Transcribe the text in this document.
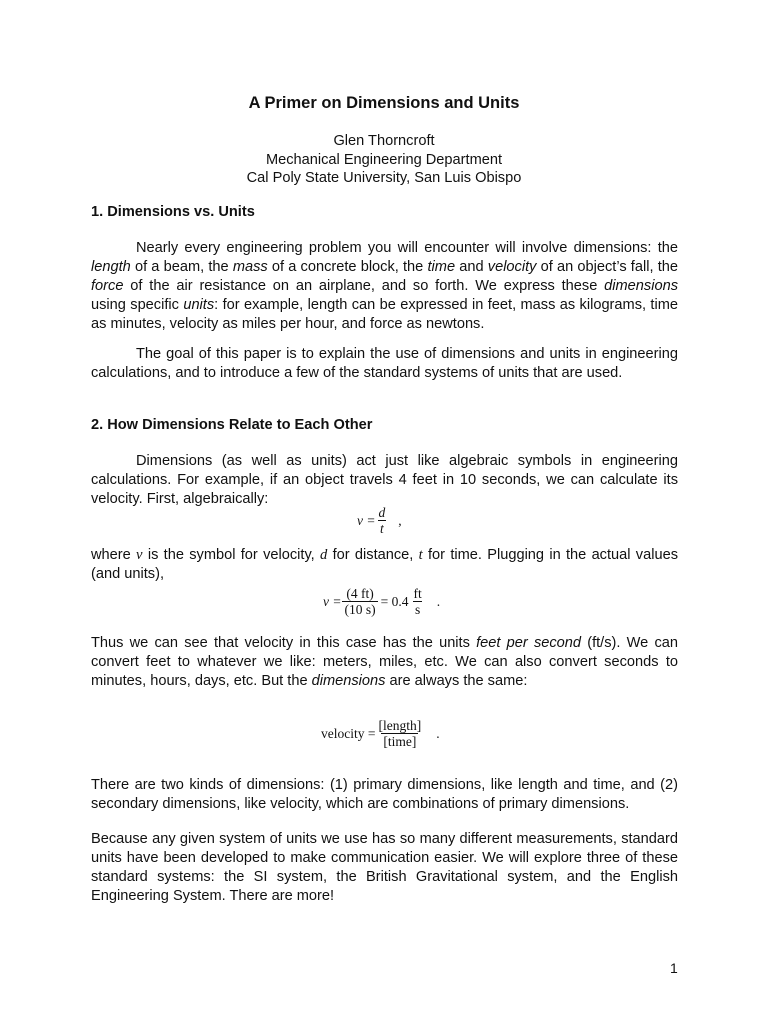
A Primer on Dimensions and Units
Glen Thorncroft
Mechanical Engineering Department
Cal Poly State University, San Luis Obispo
1. Dimensions vs. Units
Nearly every engineering problem you will encounter will involve dimensions: the length of a beam, the mass of a concrete block, the time and velocity of an object’s fall, the force of the air resistance on an airplane, and so forth. We express these dimensions using specific units: for example, length can be expressed in feet, mass as kilograms, time as minutes, velocity as miles per hour, and force as newtons.
The goal of this paper is to explain the use of dimensions and units in engineering calculations, and to introduce a few of the standard systems of units that are used.
2. How Dimensions Relate to Each Other
Dimensions (as well as units) act just like algebraic symbols in engineering calculations. For example, if an object travels 4 feet in 10 seconds, we can calculate its velocity. First, algebraically:
$v = \frac{d}{t}$ ,
where v is the symbol for velocity, d for distance, t for time. Plugging in the actual values (and units),
$v = \frac{(4 ft)}{(10 s)} = 0.4 \frac{ft}{s}$ .
Thus we can see that velocity in this case has the units feet per second (ft/s). We can convert feet to whatever we like: meters, miles, etc. We can also convert seconds to minutes, hours, days, etc. But the dimensions are always the same:
velocity = $\frac{\text{[length]}}{\text{[time]}}$ .
There are two kinds of dimensions: (1) primary dimensions, like length and time, and (2) secondary dimensions, like velocity, which are combinations of primary dimensions.
Because any given system of units we use has so many different measurements, standard units have been developed to make communication easier. We will explore three of these standard systems: the SI system, the British Gravitational system, and the English Engineering System. There are more!
1
